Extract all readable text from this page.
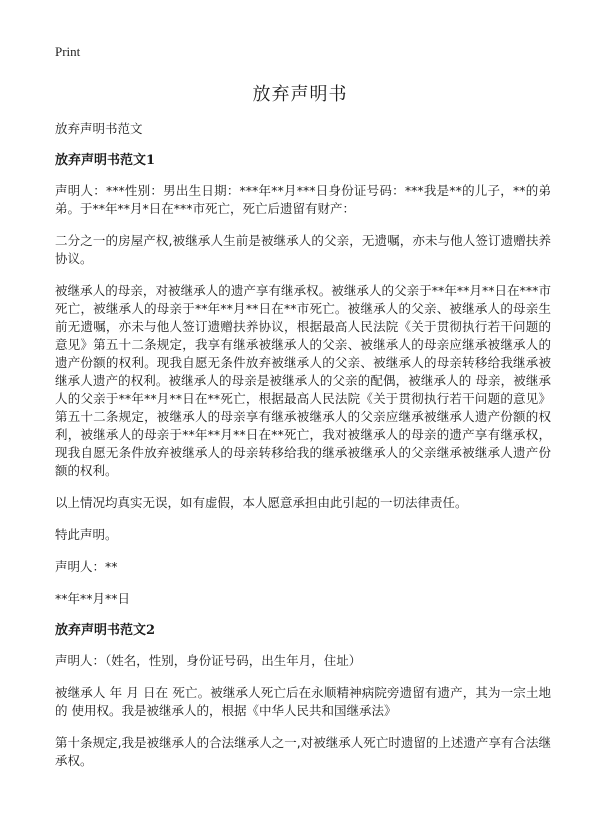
Print
放弃声明书

放弃声明书范文

放弃声明书范文1

声明人：***性别：男出生日期：***年**月***日身份证号码：***我是**的儿子，**的弟弟。于**年**月*日在***市死亡，死亡后遗留有财产：

二分之一的房屋产权,被继承人生前是被继承人的父亲，无遗嘱，亦未与他人签订遗赠扶养协议。

被继承人的母亲，对被继承人的遗产享有继承权。被继承人的父亲于**年**月**日在***市死亡，被继承人的母亲于**年**月**日在**市死亡。被继承人的父亲、被继承人的母亲生前无遗嘱，亦未与他人签订遗赠扶养协议，根据最高人民法院《关于贯彻执行若干问题的意见》第五十二条规定，我享有继承被继承人的父亲、被继承人的母亲应继承被继承人的遗产份额的权利。现我自愿无条件放弃被继承人的父亲、被继承人的母亲转移给我继承被继承人遗产的权利。被继承人的母亲是被继承人的父亲的配偶，被继承人的 母亲，被继承人的父亲于**年**月**日在**死亡，根据最高人民法院《关于贯彻执行若干问题的意见》第五十二条规定，被继承人的母亲享有继承被继承人的父亲应继承被继承人遗产份额的权利，被继承人的母亲于**年**月**日在**死亡，我对被继承人的母亲的遗产享有继承权，现我自愿无条件放弃被继承人的母亲转移给我的继承被继承人的父亲继承被继承人遗产份额的权利。

以上情况均真实无误，如有虚假，本人愿意承担由此引起的一切法律责任。

特此声明。

声明人：**

**年**月**日

放弃声明书范文2

声明人：（姓名，性别，身份证号码，出生年月，住址）

被继承人 年 月 日在 死亡。被继承人死亡后在永顺精神病院旁遗留有遗产，其为一宗土地的 使用权。我是被继承人的，根据《中华人民共和国继承法》

第十条规定,我是被继承人的合法继承人之一,对被继承人死亡时遗留的上述遗产享有合法继承权。
